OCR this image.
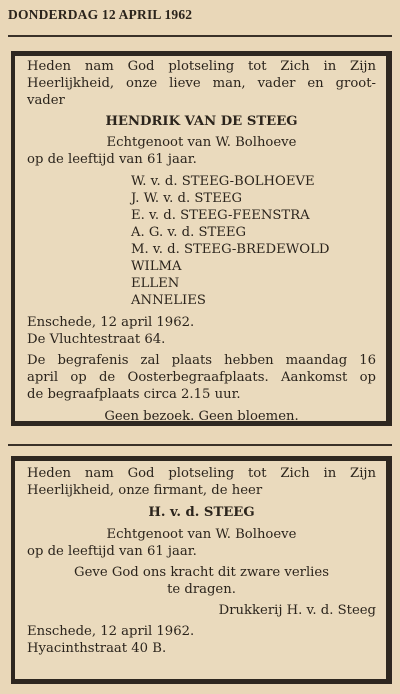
DONDERDAG 12 APRIL 1962
Heden nam God plotseling tot Zich in Zijn
Heerlijkheid, onze lieve man, vader en groot-
vader
HENDRIK VAN DE STEEG
Echtgenoot van W. Bolhoeve
op de leeftijd van 61 jaar.
W. v. d. STEEG-BOLHOEVE
J. W. v. d. STEEG
E. v. d. STEEG-FEENSTRA
A. G. v. d. STEEG
M. v. d. STEEG-BREDEWOLD
WILMA
ELLEN
ANNELIES
Enschede, 12 april 1962.
De Vluchtestraat 64.
De begrafenis zal plaats hebben maandag 16
april op de Oosterbegraafplaats. Aankomst op
de begraafplaats circa 2.15 uur.
Geen bezoek. Geen bloemen.
Heden nam God plotseling tot Zich in Zijn
Heerlijkheid, onze firmant, de heer
H. v. d. STEEG
Echtgenoot van W. Bolhoeve
op de leeftijd van 61 jaar.
Geve God ons kracht dit zware verlies
te dragen.
Drukkerij H. v. d. Steeg
Enschede, 12 april 1962.
Hyacinthstraat 40 B.
